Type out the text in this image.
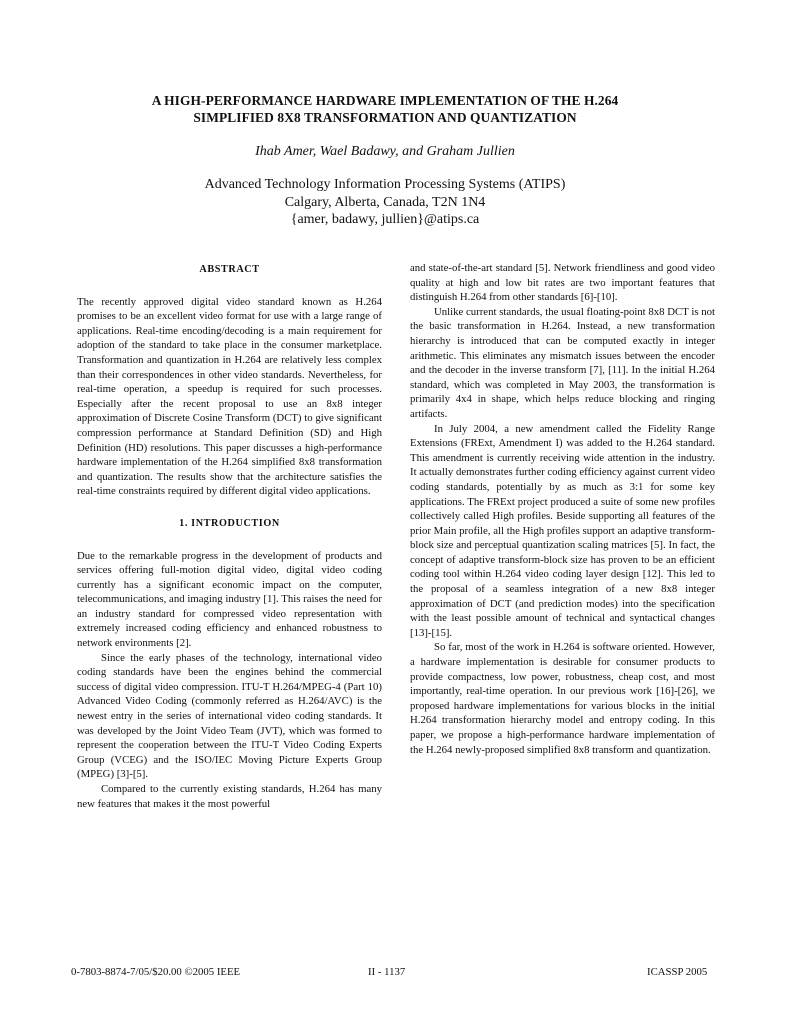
A HIGH-PERFORMANCE HARDWARE IMPLEMENTATION OF THE H.264
SIMPLIFIED 8X8 TRANSFORMATION AND QUANTIZATION
Ihab Amer, Wael Badawy, and Graham Jullien
Advanced Technology Information Processing Systems (ATIPS)
Calgary, Alberta, Canada, T2N 1N4
{amer, badawy, jullien}@atips.ca
ABSTRACT

The recently approved digital video standard known as H.264 promises to be an excellent video format for use with a large range of applications. Real-time encoding/decoding is a main requirement for adoption of the standard to take place in the consumer marketplace. Transformation and quantization in H.264 are relatively less complex than their correspondences in other video standards. Nevertheless, for real-time operation, a speedup is required for such processes. Especially after the recent proposal to use an 8x8 integer approximation of Discrete Cosine Transform (DCT) to give significant compression performance at Standard Definition (SD) and High Definition (HD) resolutions. This paper discusses a high-performance hardware implementation of the H.264 simplified 8x8 transformation and quantization. The results show that the architecture satisfies the real-time constraints required by different digital video applications.

1. INTRODUCTION

Due to the remarkable progress in the development of products and services offering full-motion digital video, digital video coding currently has a significant economic impact on the computer, telecommunications, and imaging industry [1]. This raises the need for an industry standard for compressed video representation with extremely increased coding efficiency and enhanced robustness to network environments [2].

Since the early phases of the technology, international video coding standards have been the engines behind the commercial success of digital video compression. ITU-T H.264/MPEG-4 (Part 10) Advanced Video Coding (commonly referred as H.264/AVC) is the newest entry in the series of international video coding standards. It was developed by the Joint Video Team (JVT), which was formed to represent the cooperation between the ITU-T Video Coding Experts Group (VCEG) and the ISO/IEC Moving Picture Experts Group (MPEG) [3]-[5].

Compared to the currently existing standards, H.264 has many new features that makes it the most powerful

and state-of-the-art standard [5]. Network friendliness and good video quality at high and low bit rates are two important features that distinguish H.264 from other standards [6]-[10].

Unlike current standards, the usual floating-point 8x8 DCT is not the basic transformation in H.264. Instead, a new transformation hierarchy is introduced that can be computed exactly in integer arithmetic. This eliminates any mismatch issues between the encoder and the decoder in the inverse transform [7], [11]. In the initial H.264 standard, which was completed in May 2003, the transformation is primarily 4x4 in shape, which helps reduce blocking and ringing artifacts.

In July 2004, a new amendment called the Fidelity Range Extensions (FRExt, Amendment I) was added to the H.264 standard. This amendment is currently receiving wide attention in the industry. It actually demonstrates further coding efficiency against current video coding standards, potentially by as much as 3:1 for some key applications. The FRExt project produced a suite of some new profiles collectively called High profiles. Beside supporting all features of the prior Main profile, all the High profiles support an adaptive transform-block size and perceptual quantization scaling matrices [5]. In fact, the concept of adaptive transform-block size has proven to be an efficient coding tool within H.264 video coding layer design [12]. This led to the proposal of a seamless integration of a new 8x8 integer approximation of DCT (and prediction modes) into the specification with the least possible amount of technical and syntactical changes [13]-[15].

So far, most of the work in H.264 is software oriented. However, a hardware implementation is desirable for consumer products to provide compactness, low power, robustness, cheap cost, and most importantly, real-time operation. In our previous work [16]-[26], we proposed hardware implementations for various blocks in the initial H.264 transformation hierarchy model and entropy coding. In this paper, we propose a high-performance hardware implementation of the H.264 newly-proposed simplified 8x8 transform and quantization.

0-7803-8874-7/05/$20.00 ©2005 IEEE	II - 1137	ICASSP 2005
